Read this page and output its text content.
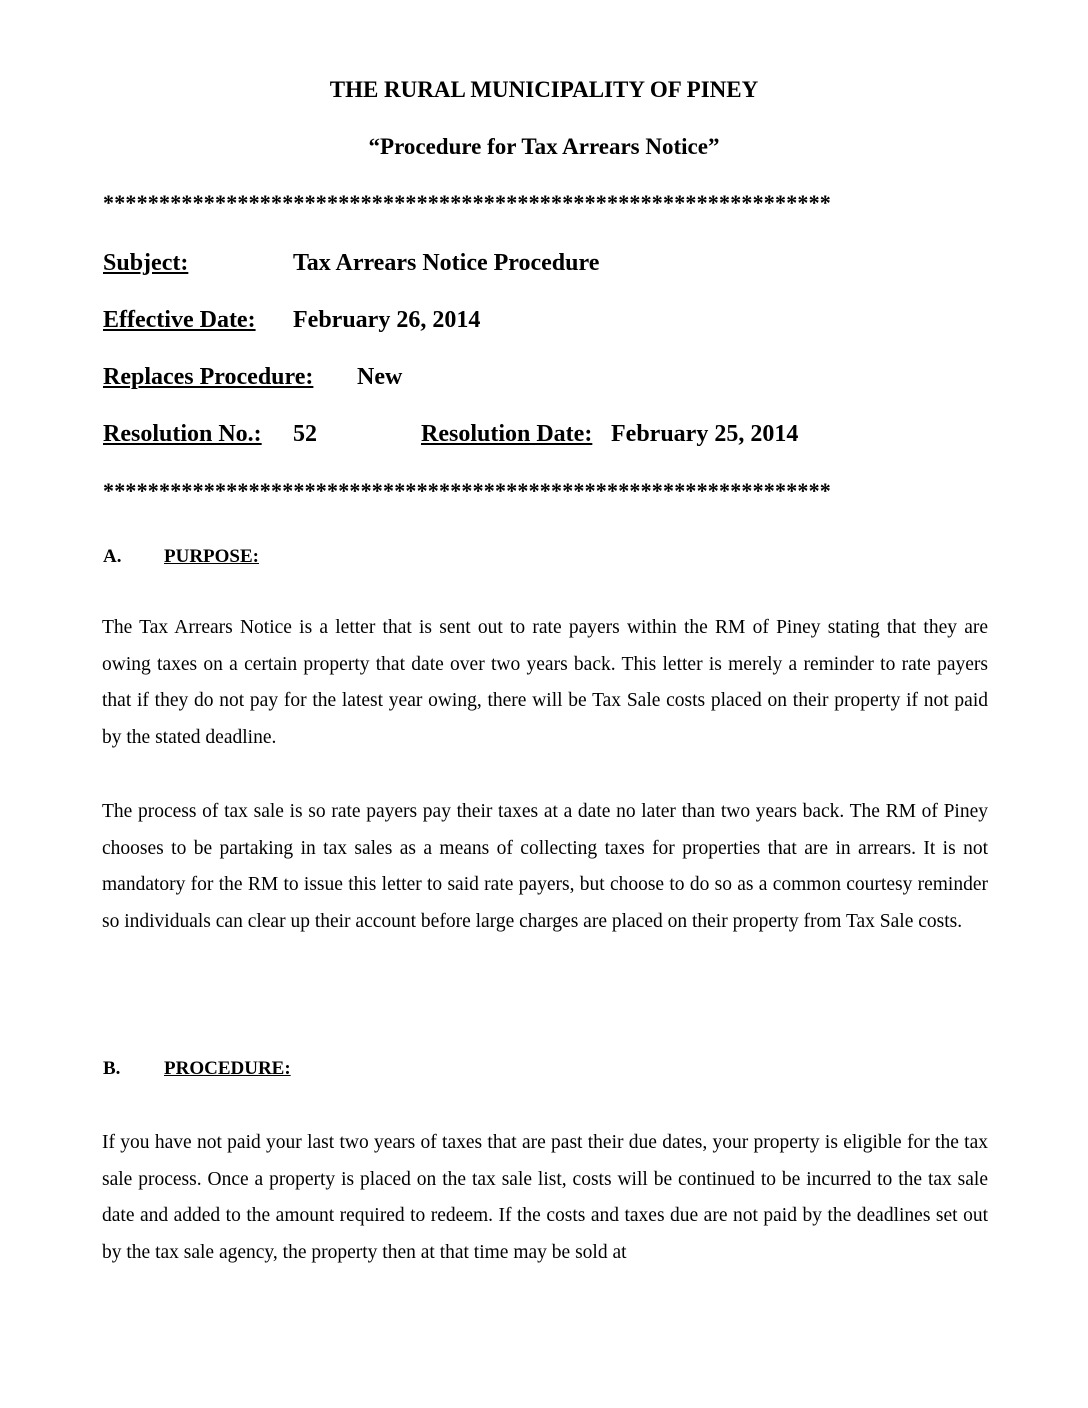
THE RURAL MUNICIPALITY OF PINEY
“Procedure for Tax Arrears Notice”
*****************************************************************
Subject:	Tax Arrears Notice Procedure
Effective Date: February 26, 2014
Replaces Procedure: New
Resolution No.: 52	Resolution Date: February 25, 2014
*****************************************************************
A. PURPOSE:

The Tax Arrears Notice is a letter that is sent out to rate payers within the RM of Piney stating that they are owing taxes on a certain property that date over two years back. This letter is merely a reminder to rate payers that if they do not pay for the latest year owing, there will be Tax Sale costs placed on their property if not paid by the stated deadline.

The process of tax sale is so rate payers pay their taxes at a date no later than two years back. The RM of Piney chooses to be partaking in tax sales as a means of collecting taxes for properties that are in arrears. It is not mandatory for the RM to issue this letter to said rate payers, but choose to do so as a common courtesy reminder so individuals can clear up their account before large charges are placed on their property from Tax Sale costs.

B. PROCEDURE:

If you have not paid your last two years of taxes that are past their due dates, your property is eligible for the tax sale process. Once a property is placed on the tax sale list, costs will be continued to be incurred to the tax sale date and added to the amount required to redeem. If the costs and taxes due are not paid by the deadlines set out by the tax sale agency, the property then at that time may be sold at
